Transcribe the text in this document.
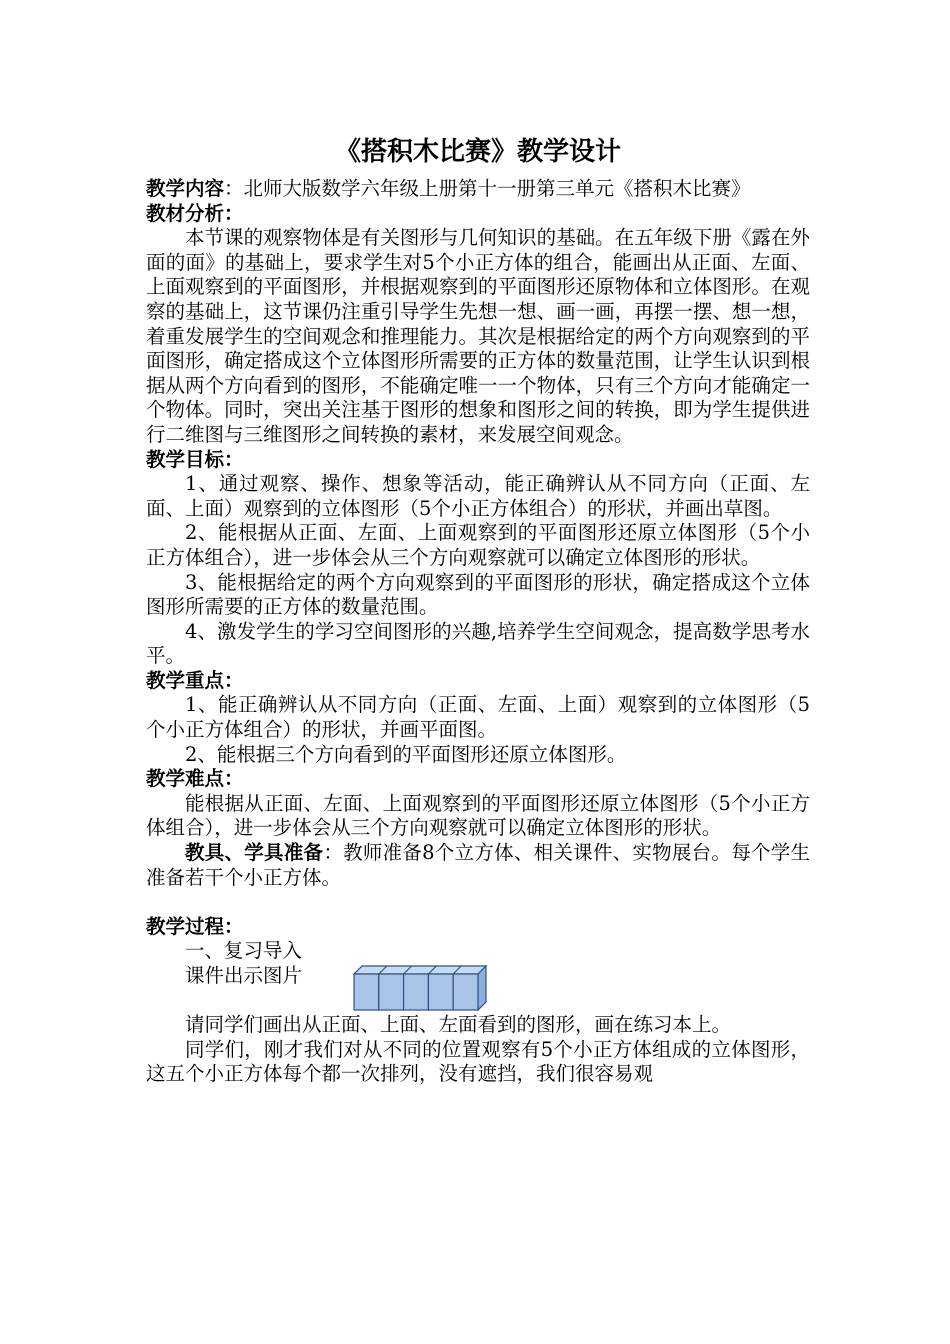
《搭积木比赛》教学设计

教学内容：北师大版数学六年级上册第十一册第三单元《搭积木比赛》

教材分析：

本节课的观察物体是有关图形与几何知识的基础。在五年级下册《露在外面的面》的基础上，要求学生对5个小正方体的组合，能画出从正面、左面、上面观察到的平面图形，并根据观察到的平面图形还原物体和立体图形。在观察的基础上，这节课仍注重引导学生先想一想、画一画，再摆一摆、想一想，着重发展学生的空间观念和推理能力。其次是根据给定的两个方向观察到的平面图形，确定搭成这个立体图形所需要的正方体的数量范围，让学生认识到根据从两个方向看到的图形，不能确定唯一一个物体，只有三个方向才能确定一个物体。同时，突出关注基于图形的想象和图形之间的转换，即为学生提供进行二维图与三维图形之间转换的素材，来发展空间观念。

教学目标：

1、通过观察、操作、想象等活动，能正确辨认从不同方向（正面、左面、上面）观察到的立体图形（5个小正方体组合）的形状，并画出草图。

2、能根据从正面、左面、上面观察到的平面图形还原立体图形（5个小正方体组合），进一步体会从三个方向观察就可以确定立体图形的形状。

3、能根据给定的两个方向观察到的平面图形的形状，确定搭成这个立体图形所需要的正方体的数量范围。

4、激发学生的学习空间图形的兴趣,培养学生空间观念，提高数学思考水平。

教学重点：

1、能正确辨认从不同方向（正面、左面、上面）观察到的立体图形（5个小正方体组合）的形状，并画平面图。

2、能根据三个方向看到的平面图形还原立体图形。

教学难点：

能根据从正面、左面、上面观察到的平面图形还原立体图形（5个小正方体组合），进一步体会从三个方向观察就可以确定立体图形的形状。

教具、学具准备：教师准备8个立方体、相关课件、实物展台。每个学生准备若干个小正方体。

教学过程：

一、复习导入

课件出示图片

请同学们画出从正面、上面、左面看到的图形，画在练习本上。

同学们，刚才我们对从不同的位置观察有5个小正方体组成的立体图形，这五个小正方体每个都一次排列，没有遮挡，我们很容易观
